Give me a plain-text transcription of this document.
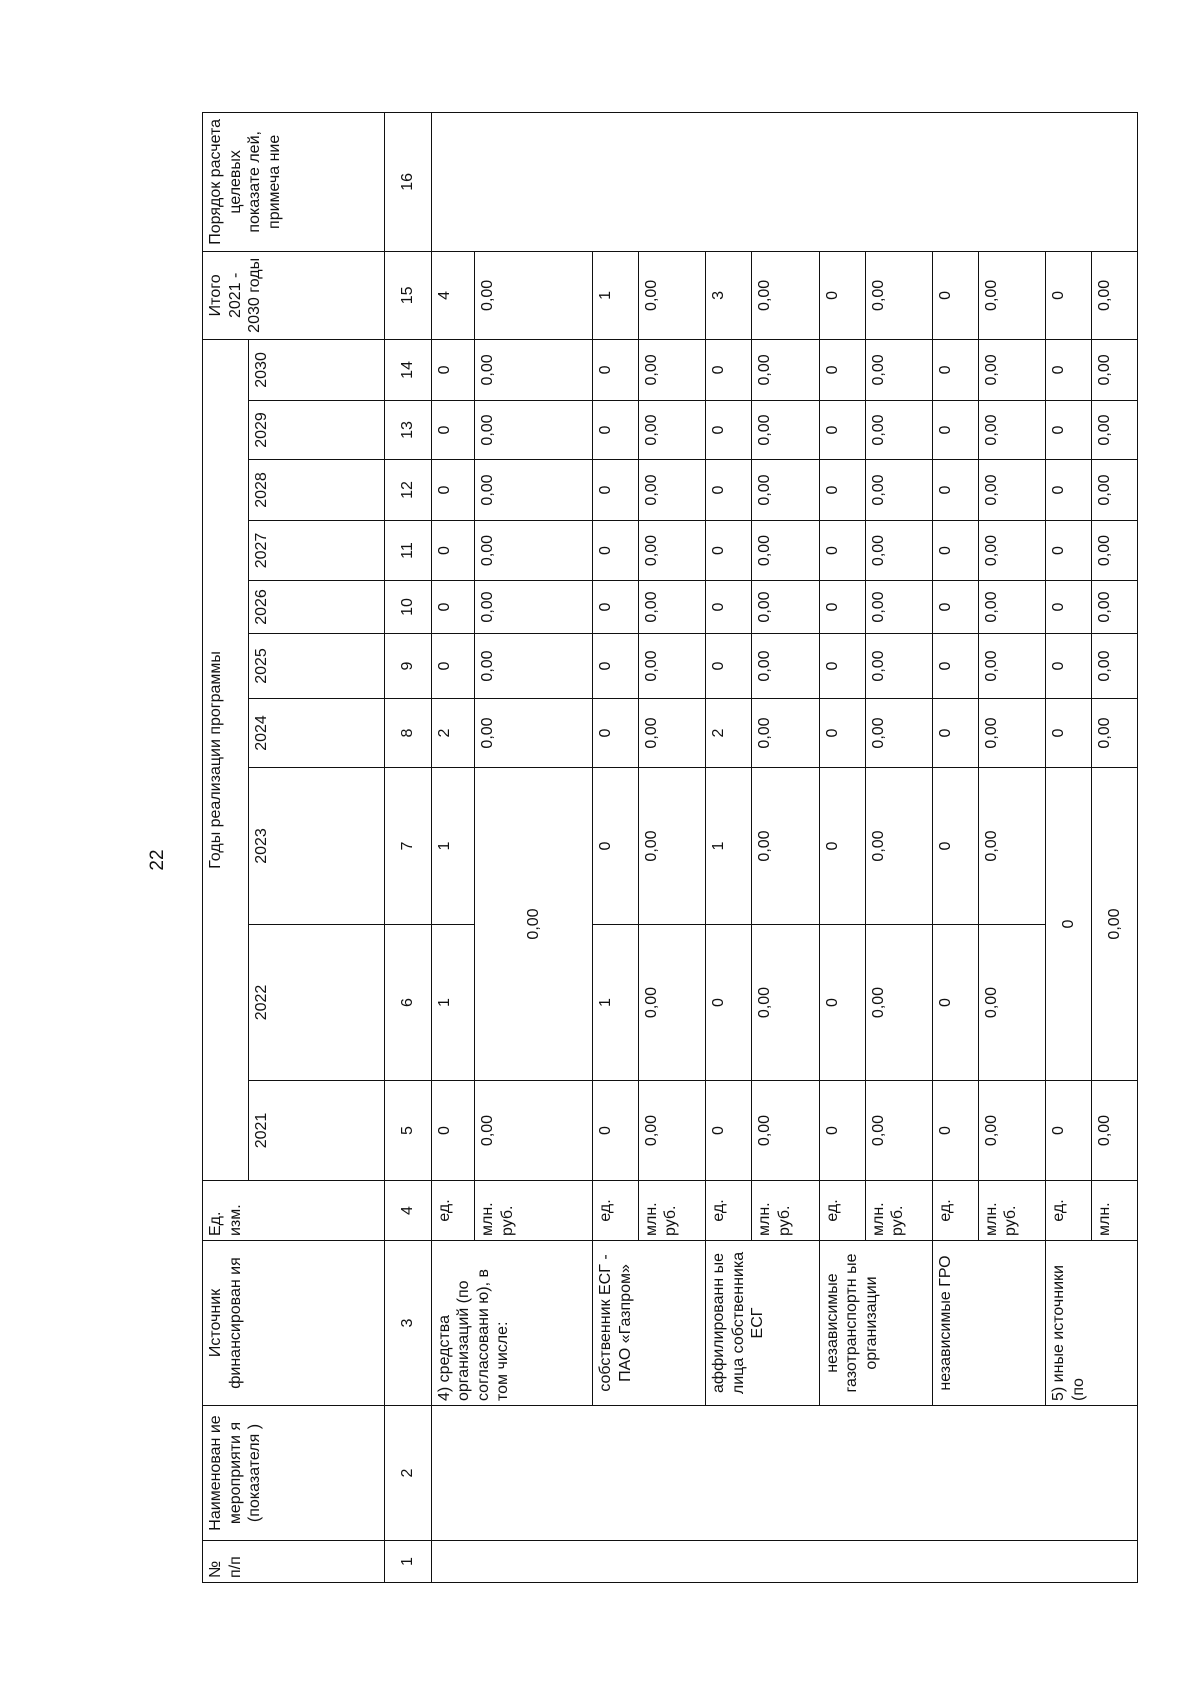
22
№ п/п	Наименован ие мероприяти я (показателя )	Источник финансирован ия	Ед. изм.	Годы реализации программы										Итого 2021 - 2030 годы	Порядок расчета целевых показате лей, примеча ние
				2021	2022	2023	2024	2025	2026	2027	2028	2029	2030		
1	2	3	4	5	6	7	8	9	10	11	12	13	14	15	16
		4) средства организаций (по согласовани ю), в том числе:	ед.	0	1	1	2	0	0	0	0	0	0	4	
			млн. руб.	0,00	0,00		0,00	0,00	0,00	0,00	0,00	0,00	0,00	0,00	
		собственник ЕСГ - ПАО «Газпром»	ед.	0	1	0	0	0	0	0	0	0	0	1	
			млн. руб.	0,00	0,00	0,00	0,00	0,00	0,00	0,00	0,00	0,00	0,00	0,00	
		аффилированн ые лица собственника ЕСГ	ед.	0	0	1	2	0	0	0	0	0	0	3	
			млн. руб.	0,00	0,00	0,00	0,00	0,00	0,00	0,00	0,00	0,00	0,00	0,00	
		независимые газотранспортн ые организации	ед.	0	0	0	0	0	0	0	0	0	0	0	
			млн. руб.	0,00	0,00	0,00	0,00	0,00	0,00	0,00	0,00	0,00	0,00	0,00	
		независимые ГРО	ед.	0	0	0	0	0	0	0	0	0	0	0	
			млн. руб.	0,00	0,00	0,00	0,00	0,00	0,00	0,00	0,00	0,00	0,00	0,00	
		5) иные источники (по	ед.	0	0		0	0	0	0	0	0	0	0	
			млн.	0,00	0,00		0,00	0,00	0,00	0,00	0,00	0,00	0,00	0,00	
